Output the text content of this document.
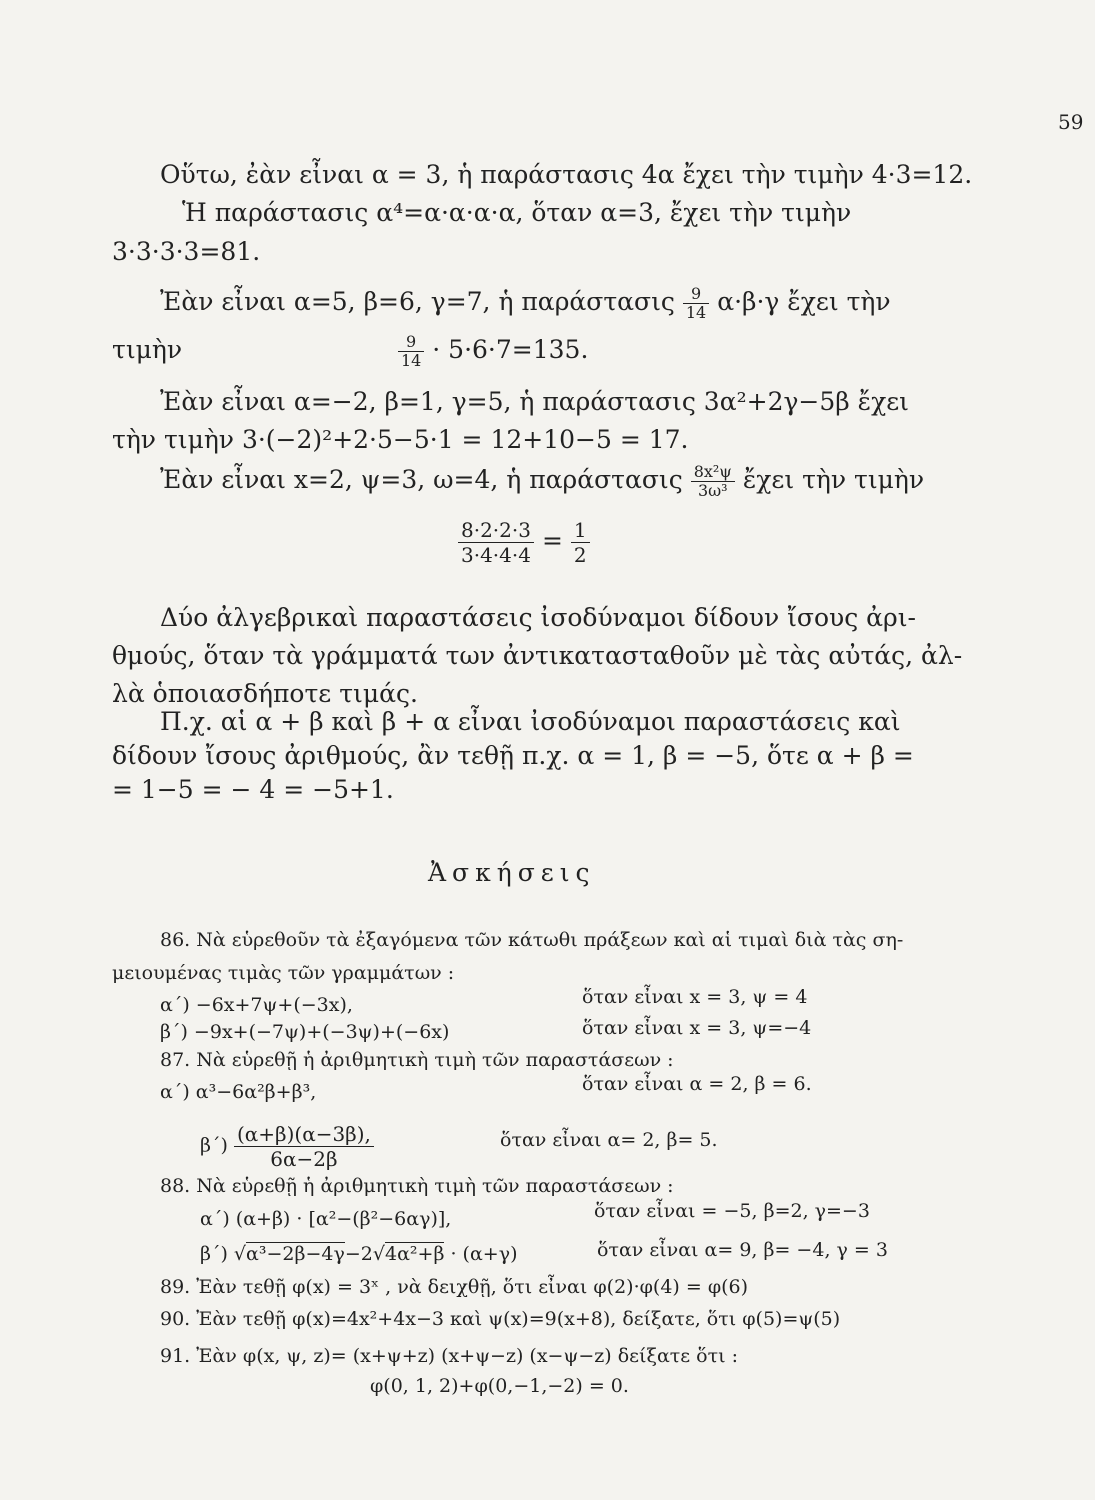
59
Οὕτω, ἐὰν εἶναι α = 3, ἡ παράστασις 4α ἔχει τὴν τιμὴν 4·3=12.
Ἡ παράστασις α⁴=α·α·α·α, ὅταν α=3, ἔχει τὴν τιμὴν
3·3·3·3=81.
Ἐὰν εἶναι α=5, β=6, γ=7, ἡ παράστασις $\frac{9}{14} \alpha\cdot\beta\cdot\gamma$ ἔχει τὴν
τιμὴν	$\frac{9}{14} \cdot 5\cdot 6\cdot 7=135$.
Ἐὰν εἶναι α=−2, β=1, γ=5, ἡ παράστασις 3α²+2γ−5β ἔχει
τὴν τιμὴν 3·(−2)²+2·5−5·1 = 12+10−5 = 17.
Ἐὰν εἶναι x=2, ψ=3, ω=4, ἡ παράστασις $\frac{\text{8x²ψ}}{\text{3ω³}}$ ἔχει τὴν τιμὴν
$\frac{8\cdot 2\cdot 2\cdot 3}{3\cdot 4\cdot 4\cdot 4} = \frac{1}{2}$
Δύο ἀλγεβρικαὶ παραστάσεις ἰσοδύναμοι δίδουν ἴσους ἀρι-
θμούς, ὅταν τὰ γράμματά των ἀντικατασταθοῦν μὲ τὰς αὐτάς, ἀλ-
λὰ ὁποιασδήποτε τιμάς.
Π.χ. αἱ α + β καὶ β + α εἶναι ἰσοδύναμοι παραστάσεις καὶ
δίδουν ἴσους ἀριθμούς, ἂν τεθῇ π.χ. α = 1, β = −5, ὅτε α + β =
= 1−5 = − 4 = −5+1.
Ἀσκήσεις
86. Νὰ εὑρεθοῦν τὰ ἐξαγόμενα τῶν κάτωθι πράξεων καὶ αἱ τιμαὶ διὰ τὰς ση-
μειουμένας τιμὰς τῶν γραμμάτων :
α΄) −6x+7ψ+(−3x),	ὅταν εἶναι x = 3, ψ = 4
β΄) −9x+(−7ψ)+(−3ψ)+(−6x)	ὅταν εἶναι x = 3, ψ=−4
87. Νὰ εὑρεθῇ ἡ ἀριθμητικὴ τιμὴ τῶν παραστάσεων :
α΄) α³−6α²β+β³,	ὅταν εἶναι α = 2, β = 6.
$\beta΄) \frac{(\alpha+\beta)(\alpha-3\beta),}{6\alpha-2\beta}$	ὅταν εἶναι α= 2, β= 5.
88. Νὰ εὑρεθῇ ἡ ἀριθμητικὴ τιμὴ τῶν παραστάσεων :
α΄) (α+β) · [α²−(β²−6αγ)],	ὅταν εἶναι = −5, β=2, γ=−3
β΄) √α³−2β−4γ−2√4α²+β · (α+γ)	ὅταν εἶναι α= 9, β= −4, γ = 3
89. Ἐὰν τεθῇ φ(x) = 3ˣ , νὰ δειχθῇ, ὅτι εἶναι φ(2)·φ(4) = φ(6)
90. Ἐὰν τεθῇ φ(x)=4x²+4x−3 καὶ ψ(x)=9(x+8), δείξατε, ὅτι φ(5)=ψ(5)
91. Ἐὰν φ(x, ψ, z)= (x+ψ+z) (x+ψ−z) (x−ψ−z) δείξατε ὅτι :
φ(0, 1, 2)+φ(0,−1,−2) = 0.
